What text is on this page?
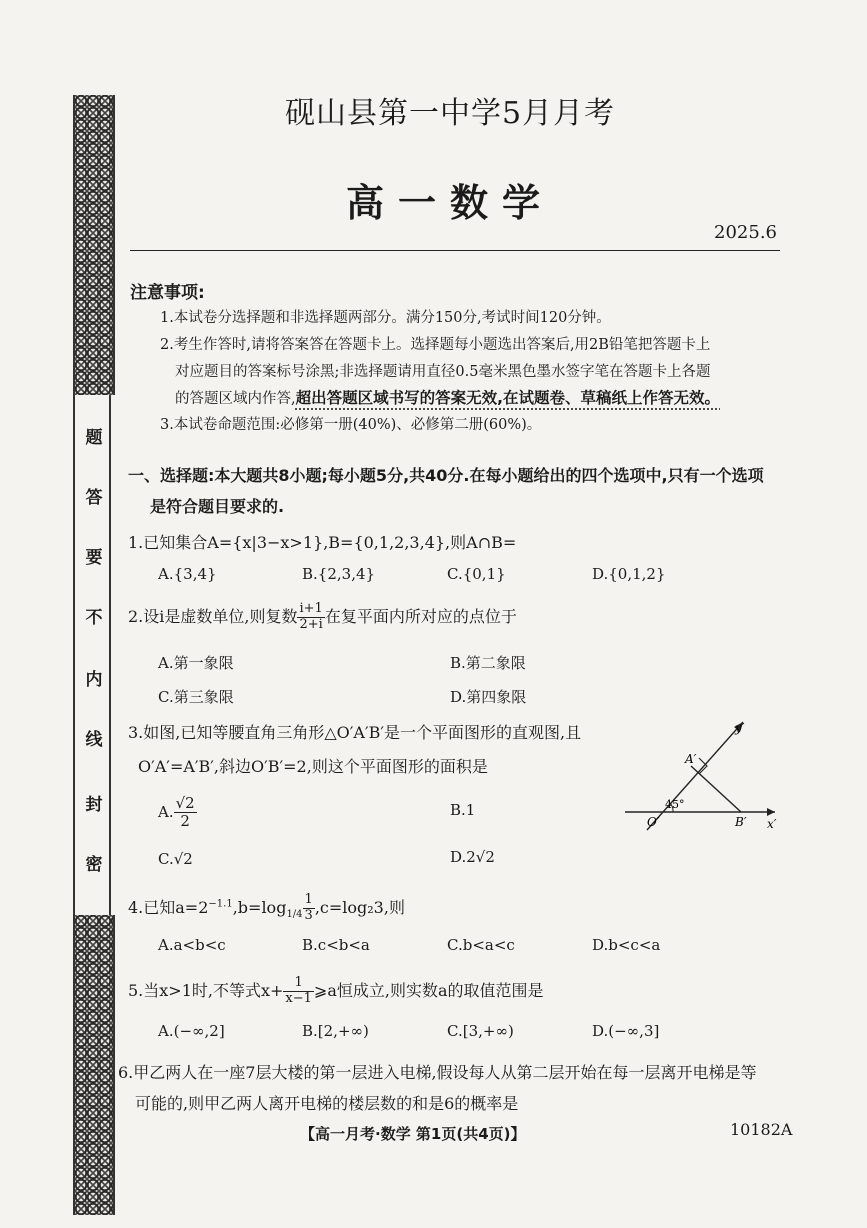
密
封
线
内
不
要
答
题
砚山县第一中学5月月考
高一数学
2025.6
注意事项:
1.本试卷分选择题和非选择题两部分。满分150分,考试时间120分钟。
2.考生作答时,请将答案答在答题卡上。选择题每小题选出答案后,用2B铅笔把答题卡上
对应题目的答案标号涂黑;非选择题请用直径0.5毫米黑色墨水签字笔在答题卡上各题
的答题区域内作答,超出答题区域书写的答案无效,在试题卷、草稿纸上作答无效。
3.本试卷命题范围:必修第一册(40%)、必修第二册(60%)。
一、选择题:本大题共8小题;每小题5分,共40分.在每小题给出的四个选项中,只有一个选项
是符合题目要求的.
1.已知集合A={x|3−x>1},B={0,1,2,3,4},则A∩B=
A.{3,4}	B.{2,3,4}	C.{0,1}	D.{0,1,2}
2.设i是虚数单位,则复数 $\frac{i+1}{2+i}$ 在复平面内所对应的点位于
A.第一象限	B.第二象限
C.第三象限	D.第四象限
3.如图,已知等腰直角三角形△O′A′B′是一个平面图形的直观图,且
O′A′=A′B′,斜边O′B′=2,则这个平面图形的面积是
A. $\frac{√2}{2}$	B.1
C.√2	D.2√2
y′
x′
A′
O′	B′
45°
4.已知$a=2^{-1.1},b=\log_{1/4} \frac{1}{3} ,c=\log_23$,则
A.a<b<c	B.c<b<a	C.b<a<c	D.b<c<a
5.当x>1时,不等式$x+ \frac{1}{x-1}$ ⩾a恒成立,则实数a的取值范围是
A.(−∞,2]	B.[2,+∞)	C.[3,+∞)	D.(−∞,3]
6.甲乙两人在一座7层大楼的第一层进入电梯,假设每人从第二层开始在每一层离开电梯是等
可能的,则甲乙两人离开电梯的楼层数的和是6的概率是
【高一月考·数学 第1页(共4页)】	10182A
